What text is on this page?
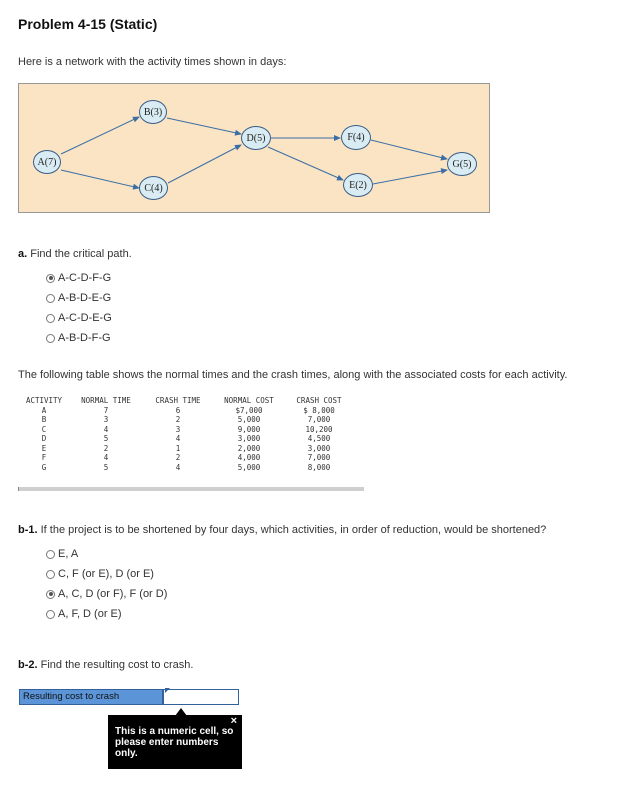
Problem 4-15 (Static)
Here is a network with the activity times shown in days:
A(7)
B(3)
C(4)
D(5)	F(4)
E(2)
G(5)
a. Find the critical path.
A-C-D-F-G
A-B-D-E-G
A-C-D-E-G
A-B-D-F-G
The following table shows the normal times and the crash times, along with the associated costs for each activity.
ACTIVITY	NORMAL TIME	CRASH TIME	NORMAL COST	CRASH COST
A	7	6	$7,000	$ 8,000
B	3	2	5,000	7,000
C	4	3	9,000	10,200
D	5	4	3,000	4,500
E	2	1	2,000	3,000
F	4	2	4,000	7,000
G	5	4	5,000	8,000
b-1. If the project is to be shortened by four days, which activities, in order of reduction, would be shortened?
E, A
C, F (or E), D (or E)
A, C, D (or F), F (or D)
A, F, D (or E)
b-2. Find the resulting cost to crash.
Resulting cost to crash
×
This is a numeric cell, so please enter numbers only.
